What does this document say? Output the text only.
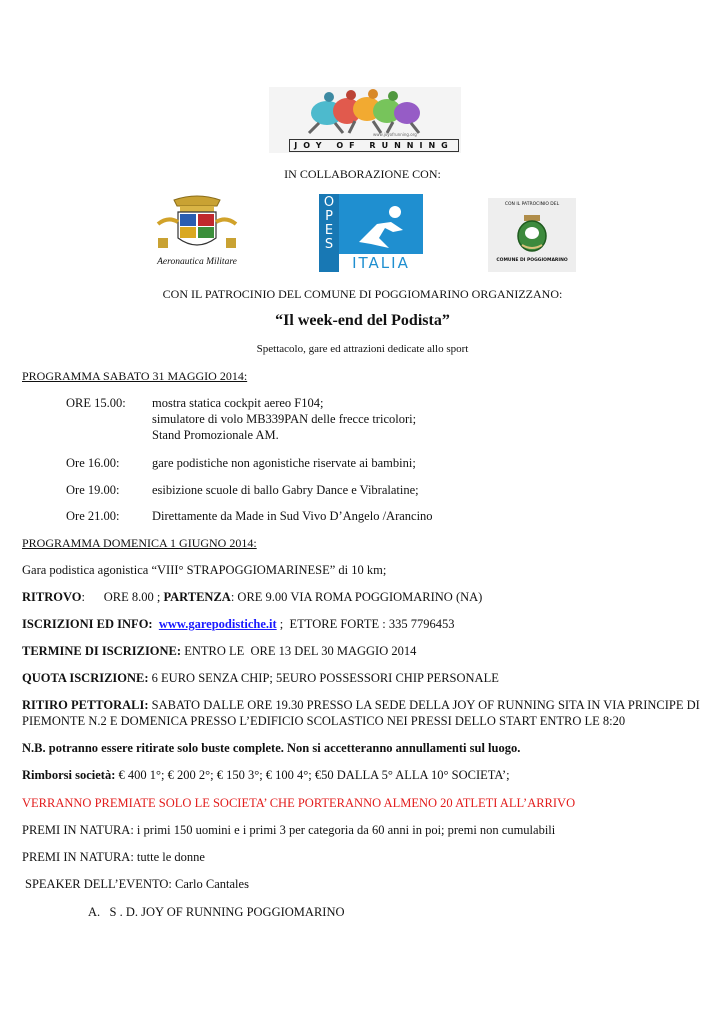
www.joyofrunning.org
JOY OF RUNNING
IN COLLABORAZIONE CON:
Aeronautica Militare
OPES
ITALIA
CON IL PATROCINIO DEL
COMUNE DI POGGIOMARINO
CON IL PATROCINIO DEL COMUNE DI POGGIOMARINO ORGANIZZANO:
“Il week-end del Podista”
Spettacolo, gare ed attrazioni dedicate allo sport
PROGRAMMA SABATO 31 MAGGIO 2014:
ORE 15.00: mostra statica cockpit aereo F104;
simulatore di volo MB339PAN delle frecce tricolori;
Stand Promozionale AM.
Ore 16.00:	gare podistiche non agonistiche riservate ai bambini;
Ore 19.00:	esibizione scuole di ballo Gabry Dance e Vibralatine;
Ore 21.00:	Direttamente da Made in Sud Vivo D’Angelo /Arancino
PROGRAMMA DOMENICA 1 GIUGNO 2014:
Gara podistica agonistica “VIII° STRAPOGGIOMARINESE” di 10 km;
RITROVO:      ORE 8.00 ; PARTENZA: ORE 9.00 VIA ROMA POGGIOMARINO (NA)
ISCRIZIONI ED INFO: www.garepodistiche.it ;  ETTORE FORTE : 335 7796453
TERMINE DI ISCRIZIONE: ENTRO LE  ORE 13 DEL 30 MAGGIO 2014
QUOTA ISCRIZIONE: 6 EURO SENZA CHIP; 5EURO POSSESSORI CHIP PERSONALE
RITIRO PETTORALI: SABATO DALLE ORE 19.30 PRESSO LA SEDE DELLA JOY OF RUNNING SITA IN VIA PRINCIPE DI
PIEMONTE N.2 E DOMENICA PRESSO L’EDIFICIO SCOLASTICO NEI PRESSI DELLO START ENTRO LE 8:20
N.B. potranno essere ritirate solo buste complete. Non si accetteranno annullamenti sul luogo.
Rimborsi società: € 400 1°; € 200 2°; € 150 3°; € 100 4°; €50 DALLA 5° ALLA 10° SOCIETA’;
VERRANNO PREMIATE SOLO LE SOCIETA’ CHE PORTERANNO ALMENO 20 ATLETI ALL’ARRIVO
PREMI IN NATURA: i primi 150 uomini e i primi 3 per categoria da 60 anni in poi; premi non cumulabili
PREMI IN NATURA: tutte le donne
SPEAKER DELL’EVENTO: Carlo Cantales
A.   S . D. JOY OF RUNNING POGGIOMARINO
